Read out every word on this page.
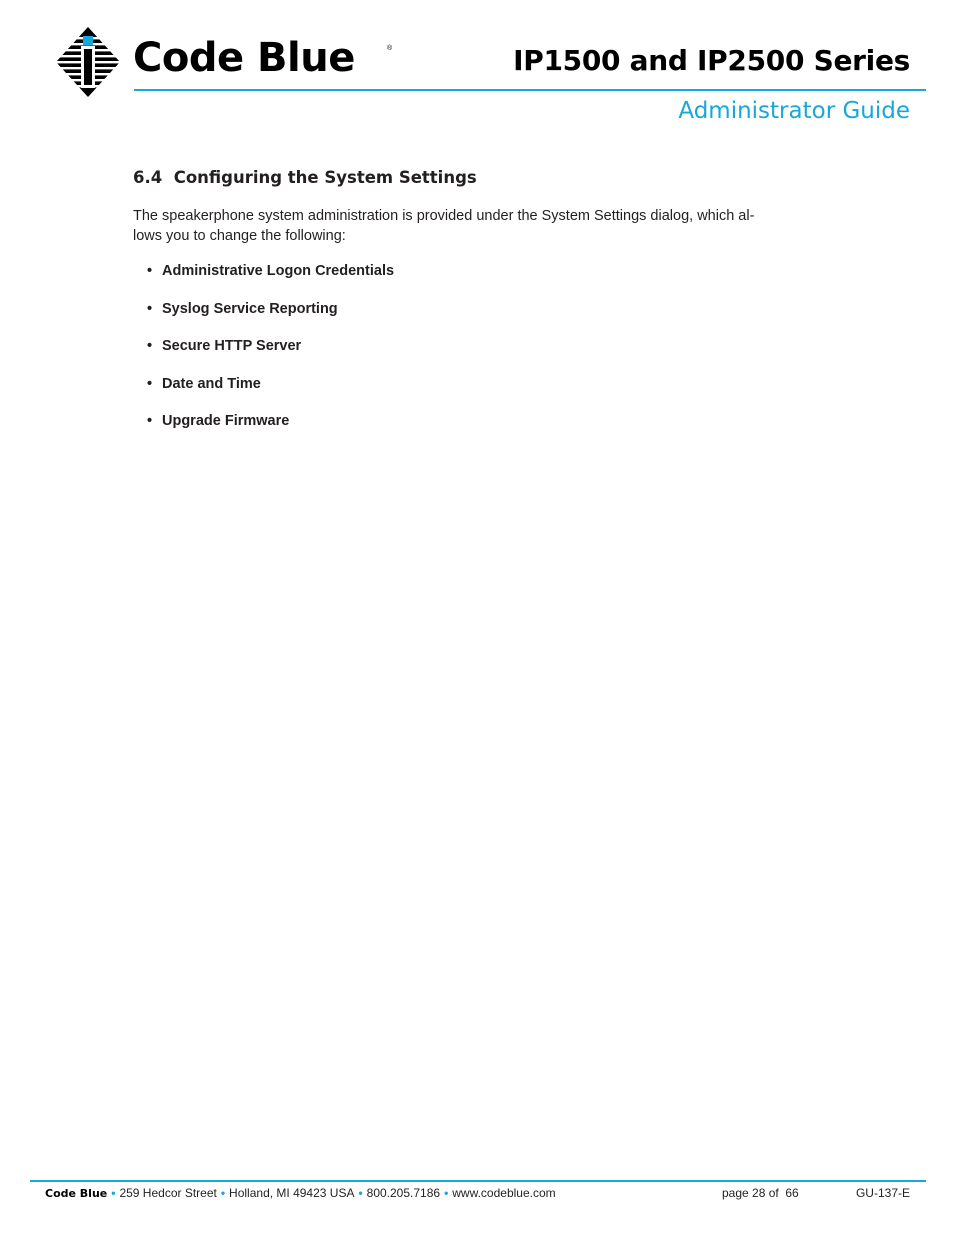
Code Blue	®	IP1500 and IP2500 Series
Administrator Guide
6.4  Configuring the System Settings

The speakerphone system administration is provided under the System Settings dialog, which al-
lows you to change the following:

• Administrative Logon Credentials
• Syslog Service Reporting
• Secure HTTP Server
• Date and Time
• Upgrade Firmware
Code Blue • 259 Hedcor Street • Holland, MI 49423 USA • 800.205.7186 • www.codeblue.com	page 28 of  66	GU-137-E
